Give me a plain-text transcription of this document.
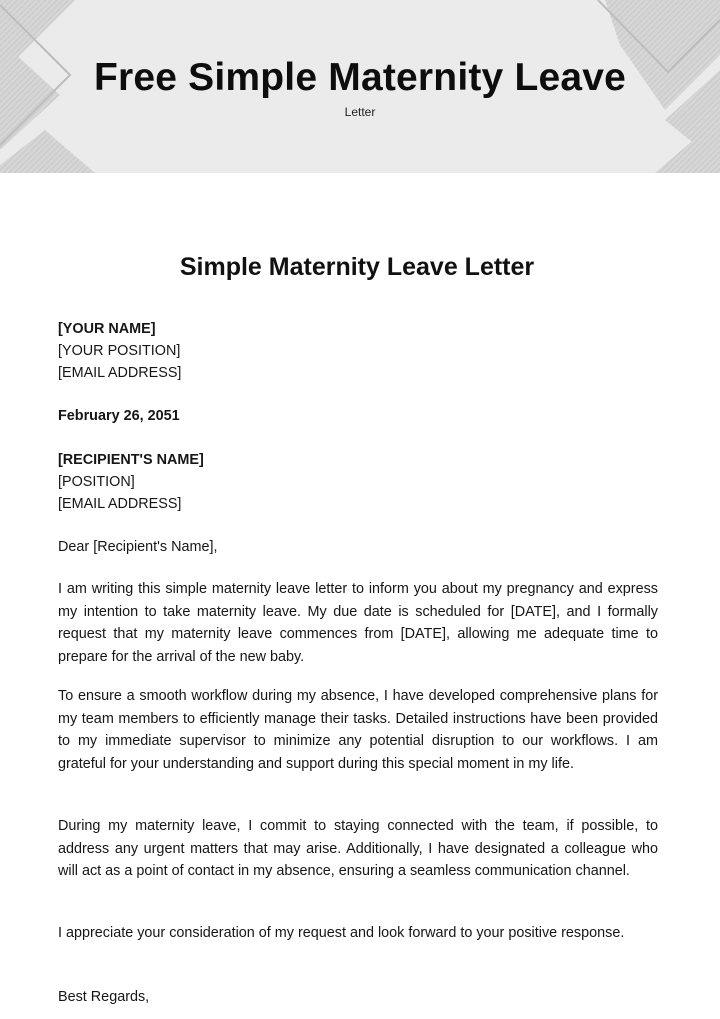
Free Simple Maternity Leave
Letter
Simple Maternity Leave Letter
[YOUR NAME]
[YOUR POSITION]
[EMAIL ADDRESS]
February 26, 2051
[RECIPIENT'S NAME]
[POSITION]
[EMAIL ADDRESS]
Dear [Recipient's Name],

I am writing this simple maternity leave letter to inform you about my pregnancy and express my intention to take maternity leave. My due date is scheduled for [DATE], and I formally request that my maternity leave commences from [DATE], allowing me adequate time to prepare for the arrival of the new baby.

To ensure a smooth workflow during my absence, I have developed comprehensive plans for my team members to efficiently manage their tasks. Detailed instructions have been provided to my immediate supervisor to minimize any potential disruption to our workflows. I am grateful for your understanding and support during this special moment in my life.

During my maternity leave, I commit to staying connected with the team, if possible, to address any urgent matters that may arise. Additionally, I have designated a colleague who will act as a point of contact in my absence, ensuring a seamless communication channel.

I appreciate your consideration of my request and look forward to your positive response.

Best Regards,
